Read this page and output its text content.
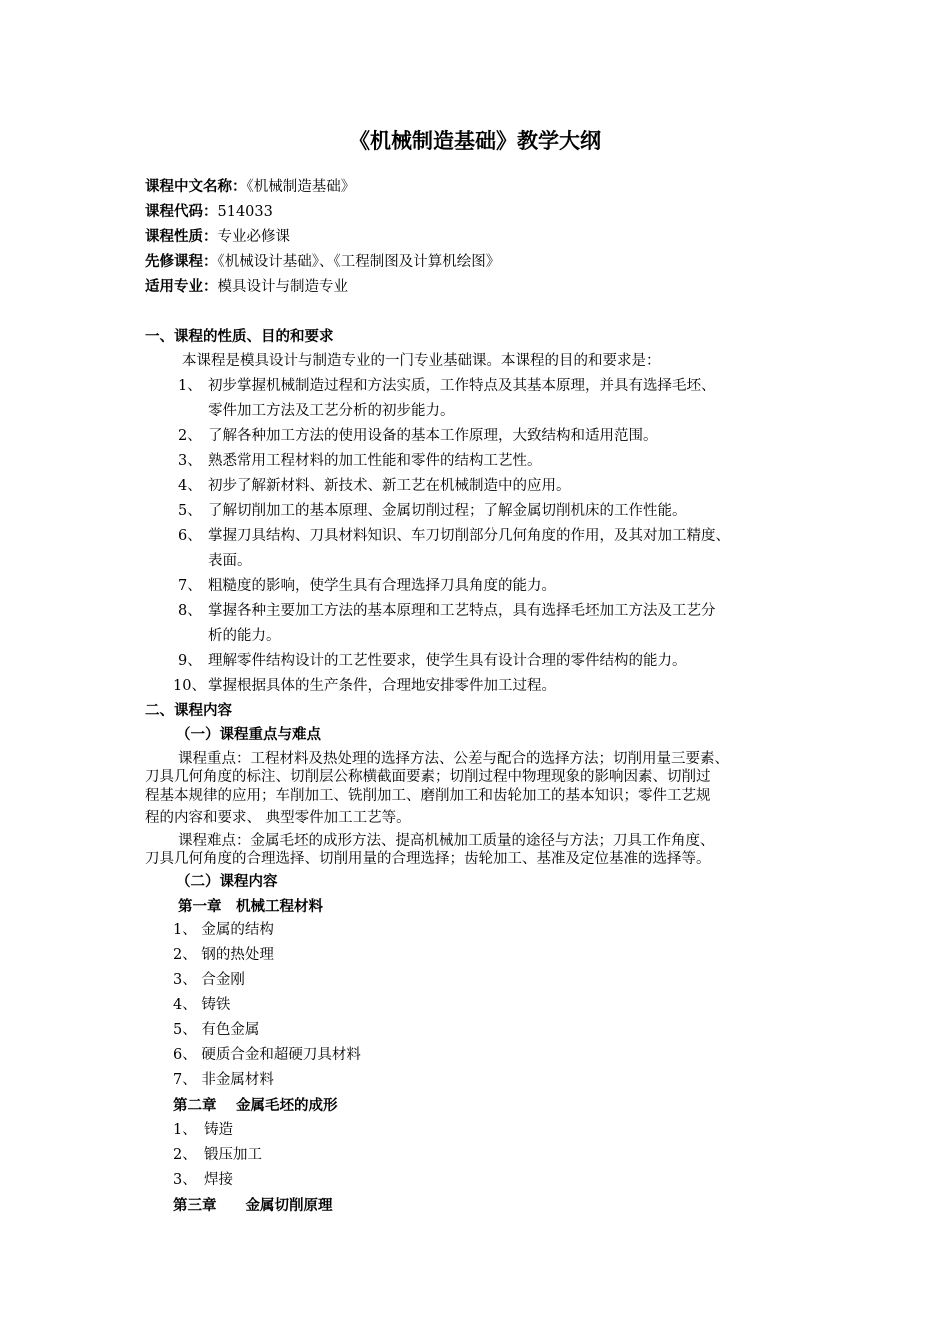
《机械制造基础》教学大纲
课程中文名称：《机械制造基础》
课程代码：514033
课程性质：专业必修课
先修课程：《机械设计基础》、《工程制图及计算机绘图》
适用专业：模具设计与制造专业
一、课程的性质、目的和要求
本课程是模具设计与制造专业的一门专业基础课。本课程的目的和要求是：
1、 初步掌握机械制造过程和方法实质，工作特点及其基本原理，并具有选择毛坯、
零件加工方法及工艺分析的初步能力。
2、 了解各种加工方法的使用设备的基本工作原理，大致结构和适用范围。
3、 熟悉常用工程材料的加工性能和零件的结构工艺性。
4、 初步了解新材料、新技术、新工艺在机械制造中的应用。
5、 了解切削加工的基本原理、金属切削过程；了解金属切削机床的工作性能。
6、 掌握刀具结构、刀具材料知识、车刀切削部分几何角度的作用，及其对加工精度、
表面。
7、 粗糙度的影响，使学生具有合理选择刀具角度的能力。
8、 掌握各种主要加工方法的基本原理和工艺特点，具有选择毛坯加工方法及工艺分
析的能力。
9、 理解零件结构设计的工艺性要求，使学生具有设计合理的零件结构的能力。
10、 掌握根据具体的生产条件，合理地安排零件加工过程。
二、课程内容
（一）课程重点与难点
课程重点：工程材料及热处理的选择方法、公差与配合的选择方法；切削用量三要素、
刀具几何角度的标注、切削层公称横截面要素；切削过程中物理现象的影响因素、切削过
程基本规律的应用；车削加工、铣削加工、磨削加工和齿轮加工的基本知识；零件工艺规
程的内容和要求、 典型零件加工工艺等。
课程难点：金属毛坯的成形方法、提高机械加工质量的途径与方法；刀具工作角度、
刀具几何角度的合理选择、切削用量的合理选择；齿轮加工、基准及定位基准的选择等。
（二）课程内容
第一章　机械工程材料
1、 金属的结构
2、 钢的热处理
3、 合金刚
4、 铸铁
5、 有色金属
6、 硬质合金和超硬刀具材料
7、 非金属材料
第二章　 金属毛坯的成形
1、　铸造
2、　锻压加工
3、　焊接
第三章　　金属切削原理
